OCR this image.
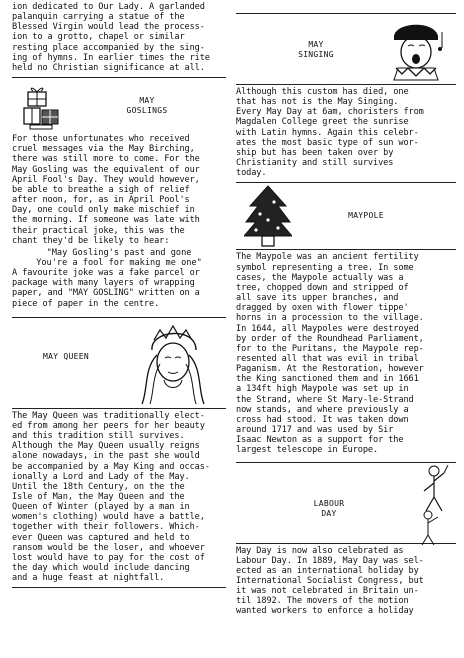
ion dedicated to Our Lady. A garlanded
palanquin carrying a statue of the
Blessed Virgin would lead the process-
ion to a grotto, chapel or similar
resting place accompanied by the sing-
ing of hymns. In earlier times the rite
held no Christian significance at all.

MAY
GOSLINGS

For those unfortunates who received
cruel messages via the May Birching,
there was still more to come. For the
May Gosling was the equivalent of our
April Fool's Day. They would however,
be able to breathe a sigh of relief
after noon, for, as in April Pool's
Day, one could only make mischief in
the morning. If someone was late with
their practical joke, this was the
chant they'd be likely to hear:

"May Gosling's past and gone
You're a fool for making me one"

A favourite joke was a fake parcel or
package with many layers of wrapping
paper, and "MAY GOSLING" written on a
piece of paper in the centre.

MAY QUEEN

The May Queen was traditionally elect-
ed from among her peers for her beauty
and this tradition still survives.
Although the May Queen usually reigns
alone nowadays, in the past she would
be accompanied by a May King and occas-
ionally a Lord and Lady of the May.
Until the 18th Century, on the the
Isle of Man, the May Queen and the
Queen of Winter (played by a man in
women's clothing) would have a battle,
together with their followers. Which-
ever Queen was captured and held to
ransom would be the loser, and whoever
lost would have to pay for the cost of
the day which would include dancing
and a huge feast at nightfall.

MAY
SINGING

Although this custom has died, one
that has not is the May Singing.
Every May Day at 6am, choristers from
Magdalen College greet the sunrise
with Latin hymns. Again this celebr-
ates the most basic type of sun wor-
ship but has been taken over by
Christianity and still survives
today.

MAYPOLE

The Maypole was an ancient fertility
symbol representing a tree. In some
cases, the Maypole actually was a
tree, chopped down and stripped of
all save its upper branches, and
dragged by oxen with flower tippe'
horns in a procession to the village.
In 1644, all Maypoles were destroyed
by order of the Roundhead Parliament,
for to the Puritans, the Maypole rep-
resented all that was evil in tribal
Paganism. At the Restoration, however
the King sanctioned them and in 1661
a 134ft high Maypole was set up in
the Strand, where St Mary-le-Strand
now stands, and where previously a
cross had stood. It was taken down
around 1717 and was used by Sir
Isaac Newton as a support for the
largest telescope in Europe.

LABOUR
DAY

May Day is now also celebrated as
Labour Day. In 1889, May Day was sel-
ected as an international holiday by
International Socialist Congress, but
it was not celebrated in Britain un-
til 1892. The movers of the motion
wanted workers to enforce a holiday
